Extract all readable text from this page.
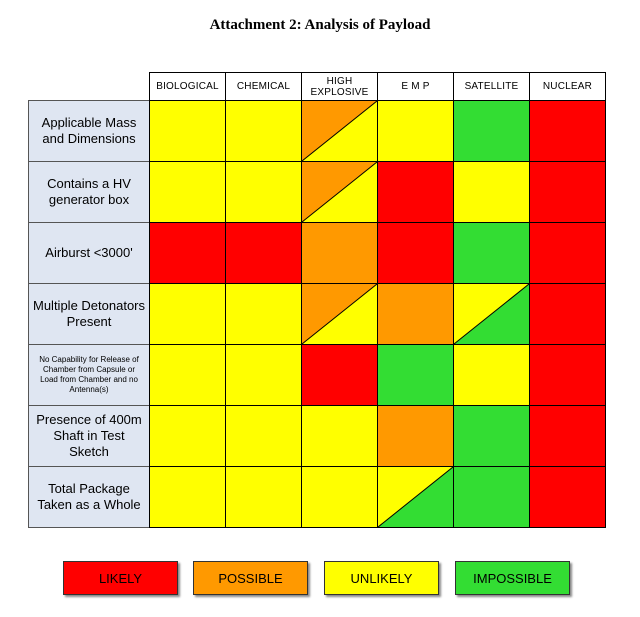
Attachment 2: Analysis of Payload
BIOLOGICAL	CHEMICAL	HIGH EXPLOSIVE	E M P	SATELLITE	NUCLEAR
Applicable Mass and Dimensions
Contains a HV generator box
Airburst <3000'
Multiple Detonators Present
No Capability for Release of Chamber from Capsule or Load from Chamber and no Antenna(s)
Presence of 400m Shaft in Test Sketch
Total Package Taken as a Whole
LIKELY	POSSIBLE	UNLIKELY	IMPOSSIBLE
